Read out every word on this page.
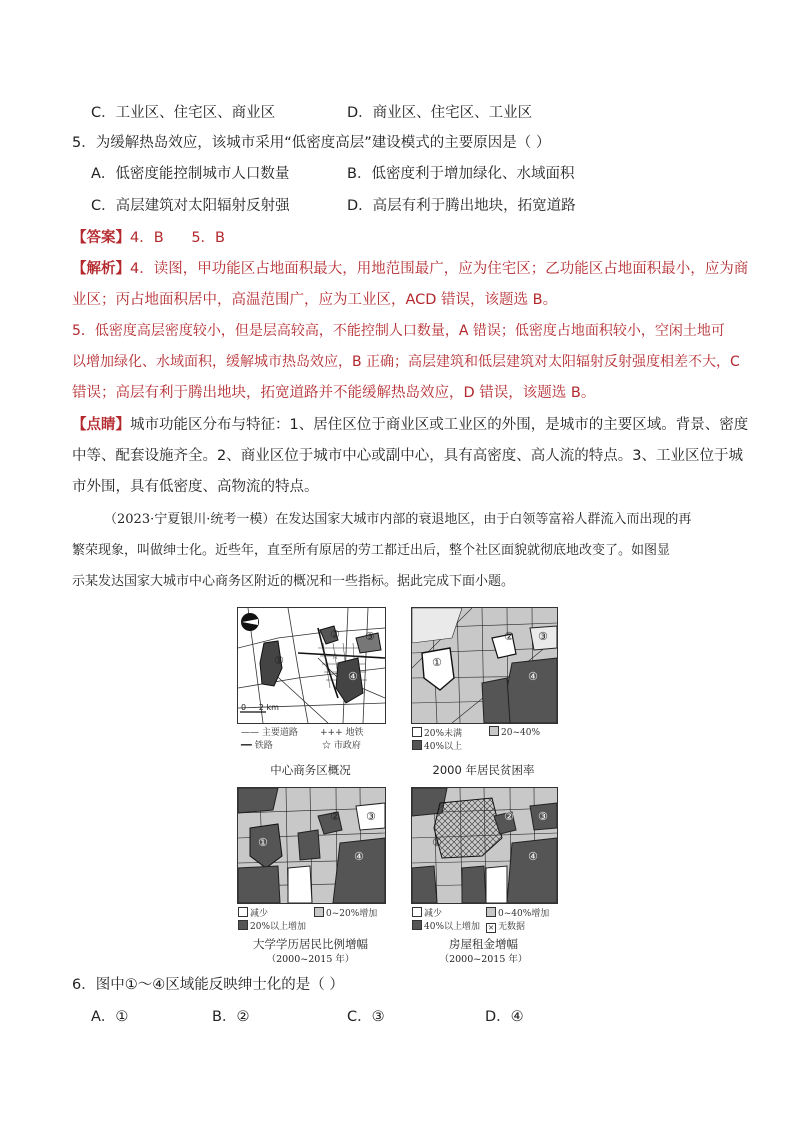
C．工业区、住宅区、商业区	D．商业区、住宅区、工业区
5．为缓解热岛效应，该城市采用“低密度高层”建设模式的主要原因是（ ）
A．低密度能控制城市人口数量	B．低密度利于增加绿化、水域面积
C．高层建筑对太阳辐射反射强	D．高层有利于腾出地块，拓宽道路
【答案】4．B      5．B
【解析】4．读图，甲功能区占地面积最大，用地范围最广，应为住宅区；乙功能区占地面积最小，应为商
业区；丙占地面积居中，高温范围广，应为工业区，ACD 错误，该题选 B。
5．低密度高层密度较小，但是层高较高，不能控制人口数量，A 错误；低密度占地面积较小，空闲土地可
以增加绿化、水域面积，缓解城市热岛效应，B 正确；高层建筑和低层建筑对太阳辐射反射强度相差不大，C
错误；高层有利于腾出地块，拓宽道路并不能缓解热岛效应，D 错误，该题选 B。
【点睛】城市功能区分布与特征：1、居住区位于商业区或工业区的外围，是城市的主要区域。背景、密度
中等、配套设施齐全。2、商业区位于城市中心或副中心，具有高密度、高人流的特点。3、工业区位于城
市外围，具有低密度、高物流的特点。
（2023·宁夏银川·统考一模）在发达国家大城市内部的衰退地区，由于白领等富裕人群流入而出现的再
繁荣现象，叫做绅士化。近些年，直至所有原居的劳工都迁出后，整个社区面貌就彻底地改变了。如图显
示某发达国家大城市中心商务区附近的概况和一些指标。据此完成下面小题。
①
② ③
④
0     2 km
☆
—— 主要道路 +++ 地铁
━━ 铁路	☆ 市政府
中心商务区概况
①
② ③
④
20%未满	20~40%
40%以上
2000 年居民贫困率
①
② ③
④
减少	0~20%增加
20%以上增加
大学学历居民比例增幅
（2000~2015 年）
①
② ③
④
减少	0~40%增加
40%以上增加 ✕ 无数据
房屋租金增幅
（2000~2015 年）
6．图中①～④区域能反映绅士化的是（ ）
A．①	B．②	C．③	D．④
